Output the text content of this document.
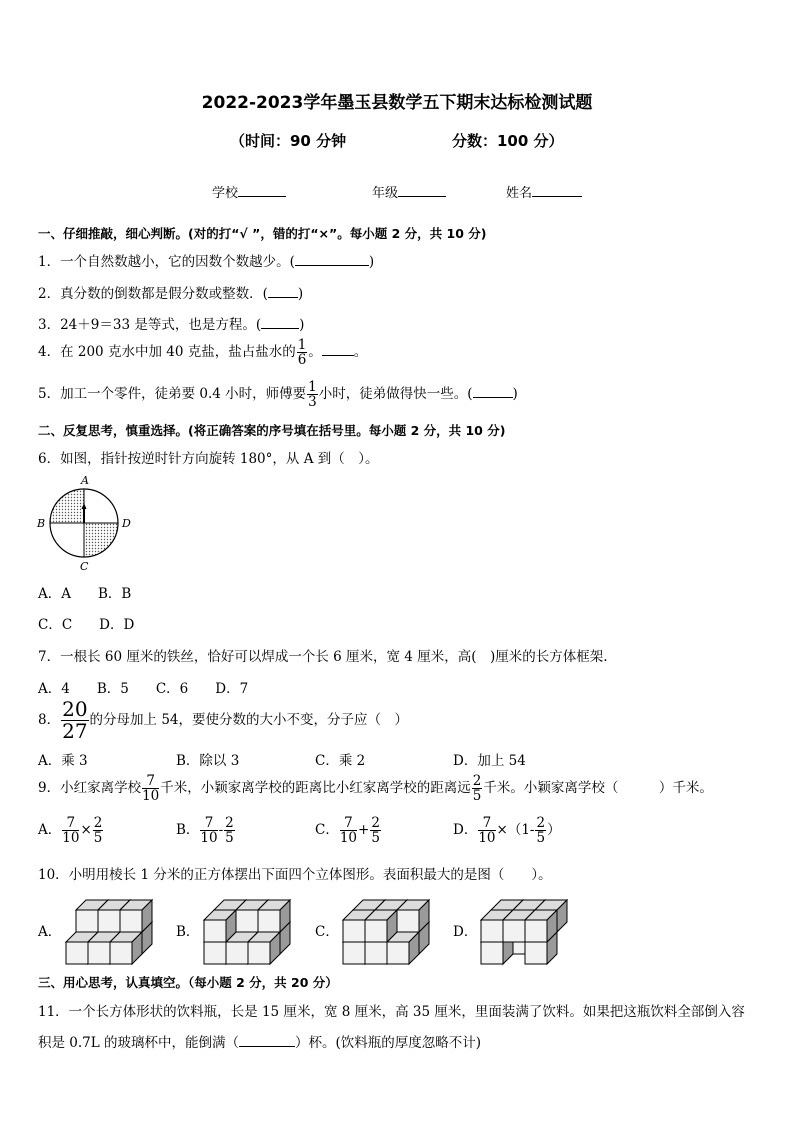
2022-2023学年墨玉县数学五下期末达标检测试题
（时间：90 分钟	分数：100 分）
学校	年级	姓名
一、仔细推敲，细心判断。(对的打“√ ”，错的打“×”。每小题 2 分，共 10 分)
1．一个自然数越小，它的因数个数越少。(	)
2．真分数的倒数都是假分数或整数．( )
3．24＋9＝33 是等式，也是方程。(	)
4．在 200 克水中加 40 克盐，盐占盐水的 $\frac{1}{6}$ 。 。
5．加工一个零件，徒弟要 0.4 小时，师傅要 $\frac{1}{3}$ 小时，徒弟做得快一些。(	)
二、反复思考，慎重选择。(将正确答案的序号填在括号里。每小题 2 分，共 10 分)
6．如图，指针按逆时针方向旋转 180°，从 A 到（　）。
A
B	D
C
A．A　　B．B
C．C　　D．D
7．一根长 60 厘米的铁丝，恰好可以焊成一个长 6 厘米，宽 4 厘米，高(　)厘米的长方体框架.
A．4　　B．5　　C．6　　D．7
8． $\frac{20}{27}$ 的分母加上 54，要使分数的大小不变，分子应（　）
A．乘 3	B．除以 3	C．乘 2	D．加上 54
9．小红家离学校 $\frac{7}{10}$ 千米，小颖家离学校的距离比小红家离学校的距离远 $\frac{2}{5}$ 千米。小颖家离学校（　　　）千米。
A． $\frac{7}{10} \times \frac{2}{5}$	B． $\frac{7}{10} - \frac{2}{5}$	C． $\frac{7}{10} + \frac{2}{5}$	D． $\frac{7}{10} \times(1- \frac{2}{5}$ ）
10．小明用棱长 1 分米的正方体摆出下面四个立体图形。表面积最大的是图（　　）。
A．	B．	C．	D．
三、用心思考，认真填空。（每小题 2 分，共 20 分）
11．一个长方体形状的饮料瓶，长是 15 厘米，宽 8 厘米，高 35 厘米，里面装满了饮料。如果把这瓶饮料全部倒入容
积是 0.7L 的玻璃杯中，能倒满（	）杯。(饮料瓶的厚度忽略不计)
